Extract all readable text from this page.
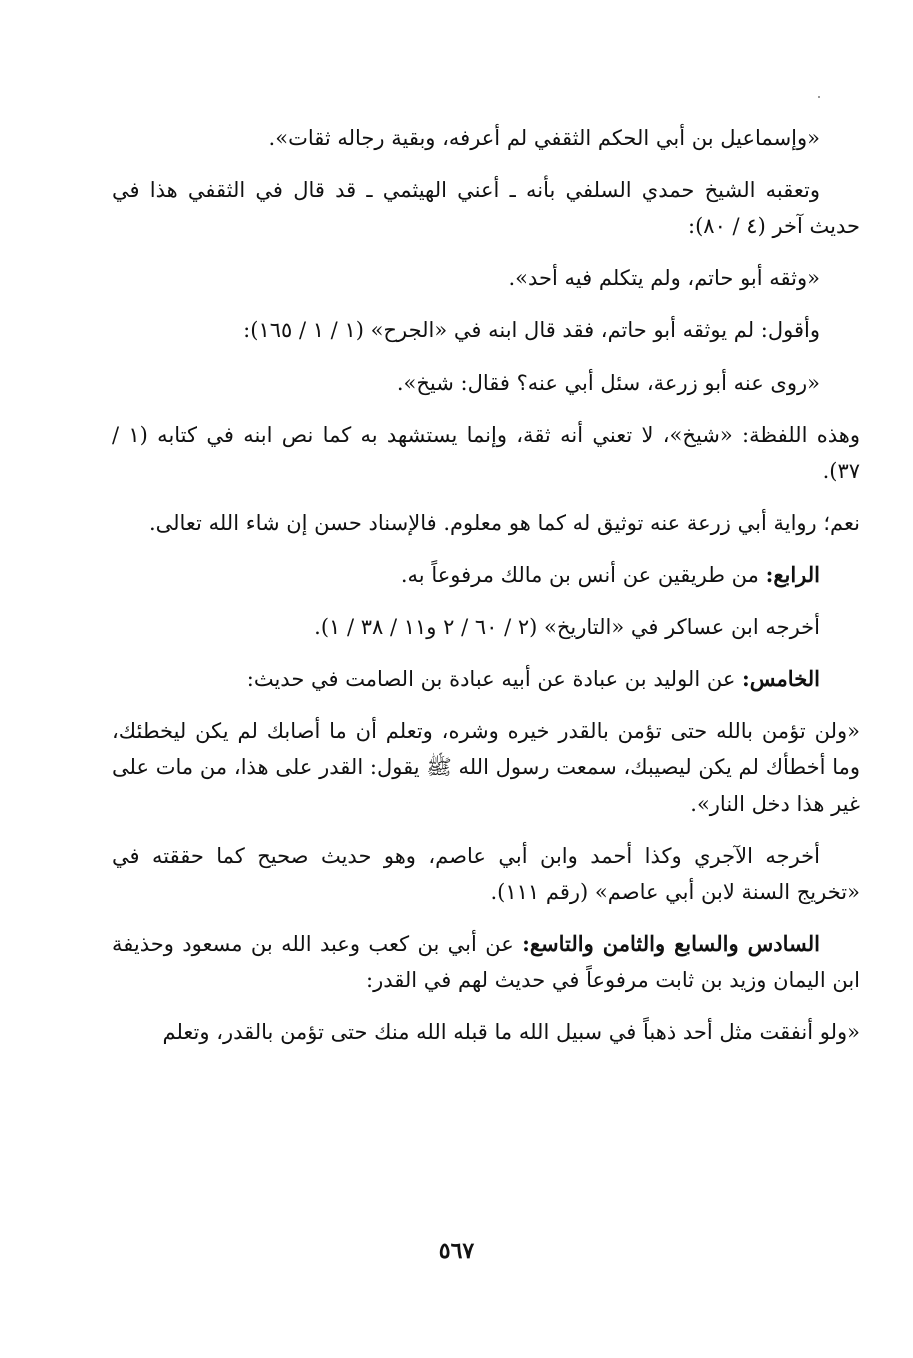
«وإسماعيل بن أبي الحكم الثقفي لم أعرفه، وبقية رجاله ثقات».

وتعقبه الشيخ حمدي السلفي بأنه ـ أعني الهيثمي ـ قد قال في الثقفي هذا في حديث آخر (٤ / ٨٠):

«وثقه أبو حاتم، ولم يتكلم فيه أحد».

وأقول: لم يوثقه أبو حاتم، فقد قال ابنه في «الجرح» (١ / ١ / ١٦٥):

«روى عنه أبو زرعة، سئل أبي عنه؟ فقال: شيخ».

وهذه اللفظة: «شيخ»، لا تعني أنه ثقة، وإنما يستشهد به كما نص ابنه في كتابه (١ / ٣٧).

نعم؛ رواية أبي زرعة عنه توثيق له كما هو معلوم. فالإسناد حسن إن شاء الله تعالى.

الرابع: من طريقين عن أنس بن مالك مرفوعاً به.

أخرجه ابن عساكر في «التاريخ» (٢ / ٦٠ / ٢ و١١ / ٣٨ / ١).

الخامس: عن الوليد بن عبادة عن أبيه عبادة بن الصامت في حديث:

«ولن تؤمن بالله حتى تؤمن بالقدر خيره وشره، وتعلم أن ما أصابك لم يكن ليخطئك، وما أخطأك لم يكن ليصيبك، سمعت رسول الله ﷺ يقول: القدر على هذا، من مات على غير هذا دخل النار».

أخرجه الآجري وكذا أحمد وابن أبي عاصم، وهو حديث صحيح كما حققته في «تخريج السنة لابن أبي عاصم» (رقم ١١١).

السادس والسابع والثامن والتاسع: عن أبي بن كعب وعبد الله بن مسعود وحذيفة ابن اليمان وزيد بن ثابت مرفوعاً في حديث لهم في القدر:

«ولو أنفقت مثل أحد ذهباً في سبيل الله ما قبله الله منك حتى تؤمن بالقدر، وتعلم

٥٦٧
